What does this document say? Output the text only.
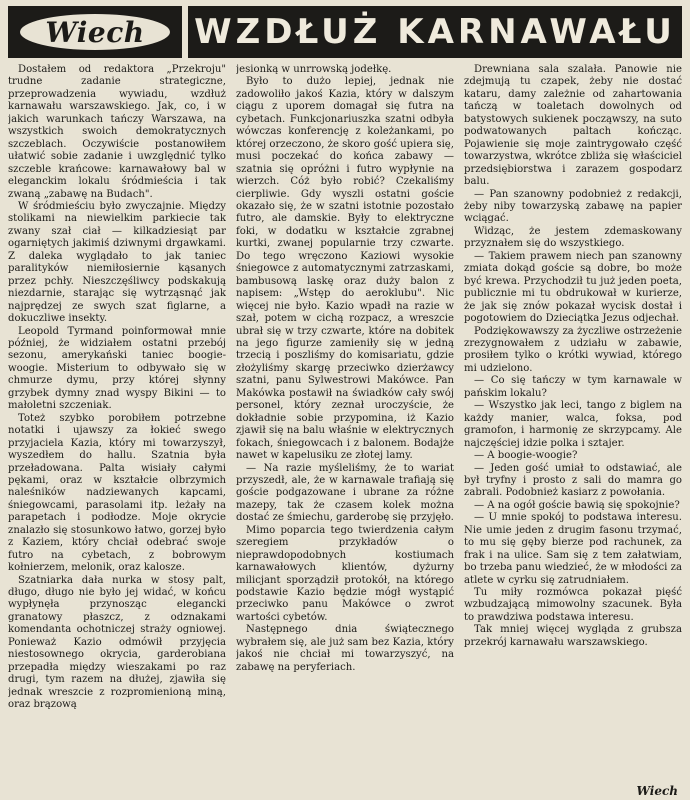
Wiech	WZDŁUŻ KARNAWAŁU

Dostałem od redaktora „Przekroju" trudne zadanie strategiczne, przeprowadzenia wywiadu, wzdłuż karnawału warszawskiego. Jak, co, i w jakich warunkach tańczy Warszawa, na wszystkich swoich demokratycznych szczeblach. Oczywiście postanowiłem ułatwić sobie zadanie i uwzględnić tylko szczeble krańcowe: karnawałowy bal w eleganckim lokalu śródmieścia i tak zwaną „zabawę na Budach".

W śródmieściu było zwyczajnie. Między stolikami na niewielkim parkiecie tak zwany szał ciał — kilkadziesiąt par ogarniętych jakimiś dziwnymi drgawkami. Z daleka wyglądało to jak taniec paralityków niemiłosiernie kąsanych przez pchły. Nieszczęśliwcy podskakują niezdarnie, starając się wytrząsnąć jak najprędzej ze swych szat figlarne, a dokuczliwe insekty.

Leopold Tyrmand poinformował mnie później, że widziałem ostatni przebój sezonu, amerykański taniec boogie-woogie. Misterium to odbywało się w chmurze dymu, przy której słynny grzybek dymny znad wyspy Bikini — to małoletni szczeniak.

Toteż szybko porobiłem potrzebne notatki i ujawszy za łokieć swego przyjaciela Kazia, który mi towarzyszył, wyszedłem do hallu. Szatnia była przeładowana. Palta wisiały całymi pękami, oraz w kształcie olbrzymich naleśników nadziewanych kapcami, śniegowcami, parasolami itp. leżały na parapetach i podłodze. Moje okrycie znalazło się stosunkowo łatwo, gorzej było z Kaziem, który chciał odebrać swoje futro na cybetach, z bobrowym kołnierzem, melonik, oraz kalosze.

Szatniarka dała nurka w stosy palt, długo, długo nie było jej widać, w końcu wypłynęła przynosząc elegancki granatowy płaszcz, z odznakami komendanta ochotniczej straży ogniowej. Ponieważ Kazio odmówił przyjęcia niestosownego okrycia, garderobiana przepadła między wieszakami po raz drugi, tym razem na dłużej, zjawiła się jednak wreszcie z rozpromienioną miną, oraz brązową

jesionką w unrrowską jodełkę.

Było to dużo lepiej, jednak nie zadowoliło jakoś Kazia, który w dalszym ciągu z uporem domagał się futra na cybetach. Funkcjonariuszka szatni odbyła wówczas konferencję z koleżankami, po której orzeczono, że skoro gość upiera się, musi poczekać do końca zabawy — szatnia się opróżni i futro wypłynie na wierzch. Cóż było robić? Czekaliśmy cierpliwie. Gdy wyszli ostatni goście okazało się, że w szatni istotnie pozostało futro, ale damskie. Były to elektryczne foki, w dodatku w kształcie zgrabnej kurtki, zwanej popularnie trzy czwarte. Do tego wręczono Kaziowi wysokie śniegowce z automatycznymi zatrzaskami, bambusową laskę oraz duży balon z napisem: „Wstęp do aeroklubu". Nic więcej nie było. Kazio wpadł na razie w szał, potem w cichą rozpacz, a wreszcie ubrał się w trzy czwarte, które na dobitek na jego figurze zamieniły się w jedną trzecią i poszliśmy do komisariatu, gdzie złożyliśmy skargę przeciwko dzierżawcy szatni, panu Sylwestrowi Makówce. Pan Makówka postawił na świadków cały swój personel, który zeznał uroczyście, że dokładnie sobie przypomina, iż Kazio zjawił się na balu właśnie w elektrycznych fokach, śniegowcach i z balonem. Bodajże nawet w kapelusiku ze złotej lamy.

— Na razie myśleliśmy, że to wariat przyszedł, ale, że w karnawale trafiają się goście podgazowane i ubrane za różne mazepy, tak że czasem kolek można dostać ze śmiechu, garderobę się przyjęło.

Mimo poparcia tego twierdzenia całym szeregiem przykładów o nieprawdopodobnych kostiumach karnawałowych klientów, dyżurny milicjant sporządził protokół, na którego podstawie Kazio będzie mógł wystąpić przeciwko panu Makówce o zwrot wartości cybetów.

Następnego dnia świątecznego wybrałem się, ale już sam bez Kazia, który jakoś nie chciał mi towarzyszyć, na zabawę na peryferiach.

Drewniana sala szalała. Panowie nie zdejmują tu czapek, żeby nie dostać kataru, damy zależnie od zahartowania tańczą w toaletach dowolnych od batystowych sukienek począwszy, na suto podwatowanych paltach kończąc. Pojawienie się moje zaintrygowało część towarzystwa, wkrótce zbliża się właściciel przedsiębiorstwa i zarazem gospodarz balu.

— Pan szanowny podobnież z redakcji, żeby niby towarzyską zabawę na papier wciągać.

Widząc, że jestem zdemaskowany przyznałem się do wszystkiego.

— Takiem prawem niech pan szanowny zmiata dokąd goście są dobre, bo może być krewa. Przychodził tu już jeden poeta, publicznie mi tu obdrukował w kurierze, że jak się znów pokazał wycisk dostał i pogotowiem do Dzieciątka Jezus odjechał.

Podziękowawszy za życzliwe ostrzeżenie zrezygnowałem z udziału w zabawie, prosiłem tylko o krótki wywiad, którego mi udzielono.

— Co się tańczy w tym karnawale w pańskim lokalu?

— Wszystko jak leci, tango z biglem na każdy manier, walca, foksa, pod gramofon, i harmonię ze skrzypcamy. Ale najczęściej idzie polka i sztajer.

— A boogie-woogie?

— Jeden gość umiał to odstawiać, ale był tryfny i prosto z sali do mamra go zabrali. Podobnież kasiarz z powołania.

— A na ogół goście bawią się spokojnie?

— U mnie spokój to podstawa interesu. Nie umie jeden z drugim fasonu trzymać, to mu się gęby bierze pod rachunek, za frak i na ulice. Sam się z tem załatwiam, bo trzeba panu wiedzieć, że w młodości za atlete w cyrku się zatrudniałem.

Tu miły rozmówca pokazał pięść wzbudzającą mimowolny szacunek. Była to prawdziwa podstawa interesu.

Tak mniej więcej wygląda z grubsza przekrój karnawału warszawskiego.

Wiech
